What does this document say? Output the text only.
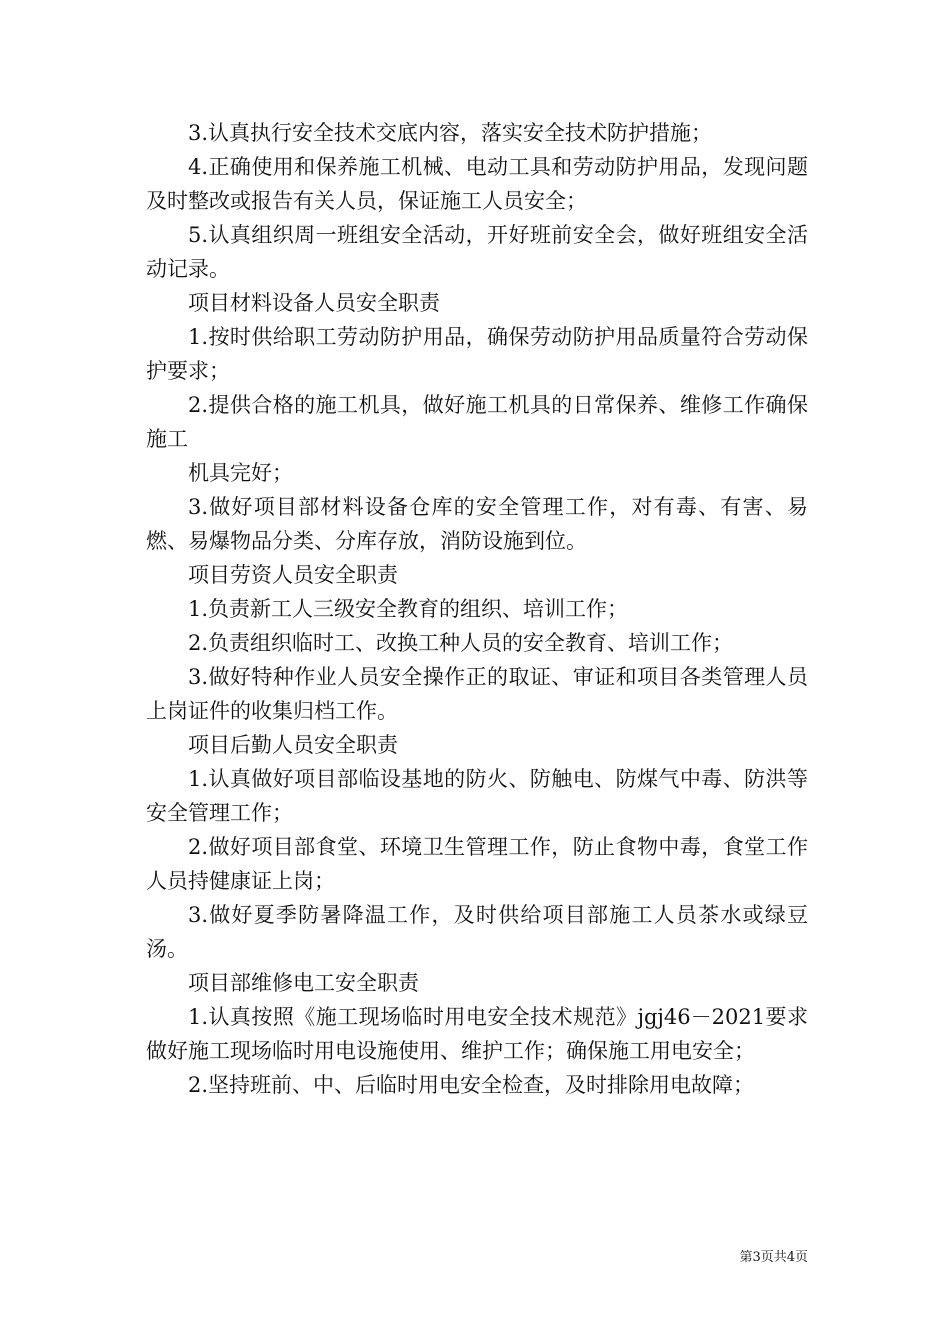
3.认真执行安全技术交底内容，落实安全技术防护措施；

4.正确使用和保养施工机械、电动工具和劳动防护用品，发现问题及时整改或报告有关人员，保证施工人员安全；

5.认真组织周一班组安全活动，开好班前安全会，做好班组安全活动记录。

项目材料设备人员安全职责

1.按时供给职工劳动防护用品，确保劳动防护用品质量符合劳动保护要求；

2.提供合格的施工机具，做好施工机具的日常保养、维修工作确保施工

机具完好；

3.做好项目部材料设备仓库的安全管理工作，对有毒、有害、易燃、易爆物品分类、分库存放，消防设施到位。

项目劳资人员安全职责

1.负责新工人三级安全教育的组织、培训工作；

2.负责组织临时工、改换工种人员的安全教育、培训工作；

3.做好特种作业人员安全操作正的取证、审证和项目各类管理人员上岗证件的收集归档工作。

项目后勤人员安全职责

1.认真做好项目部临设基地的防火、防触电、防煤气中毒、防洪等安全管理工作；

2.做好项目部食堂、环境卫生管理工作，防止食物中毒，食堂工作人员持健康证上岗；

3.做好夏季防暑降温工作，及时供给项目部施工人员茶水或绿豆汤。

项目部维修电工安全职责

1.认真按照《施工现场临时用电安全技术规范》jgj46－2021要求做好施工现场临时用电设施使用、维护工作；确保施工用电安全；

2.坚持班前、中、后临时用电安全检查，及时排除用电故障；

第3页共4页
